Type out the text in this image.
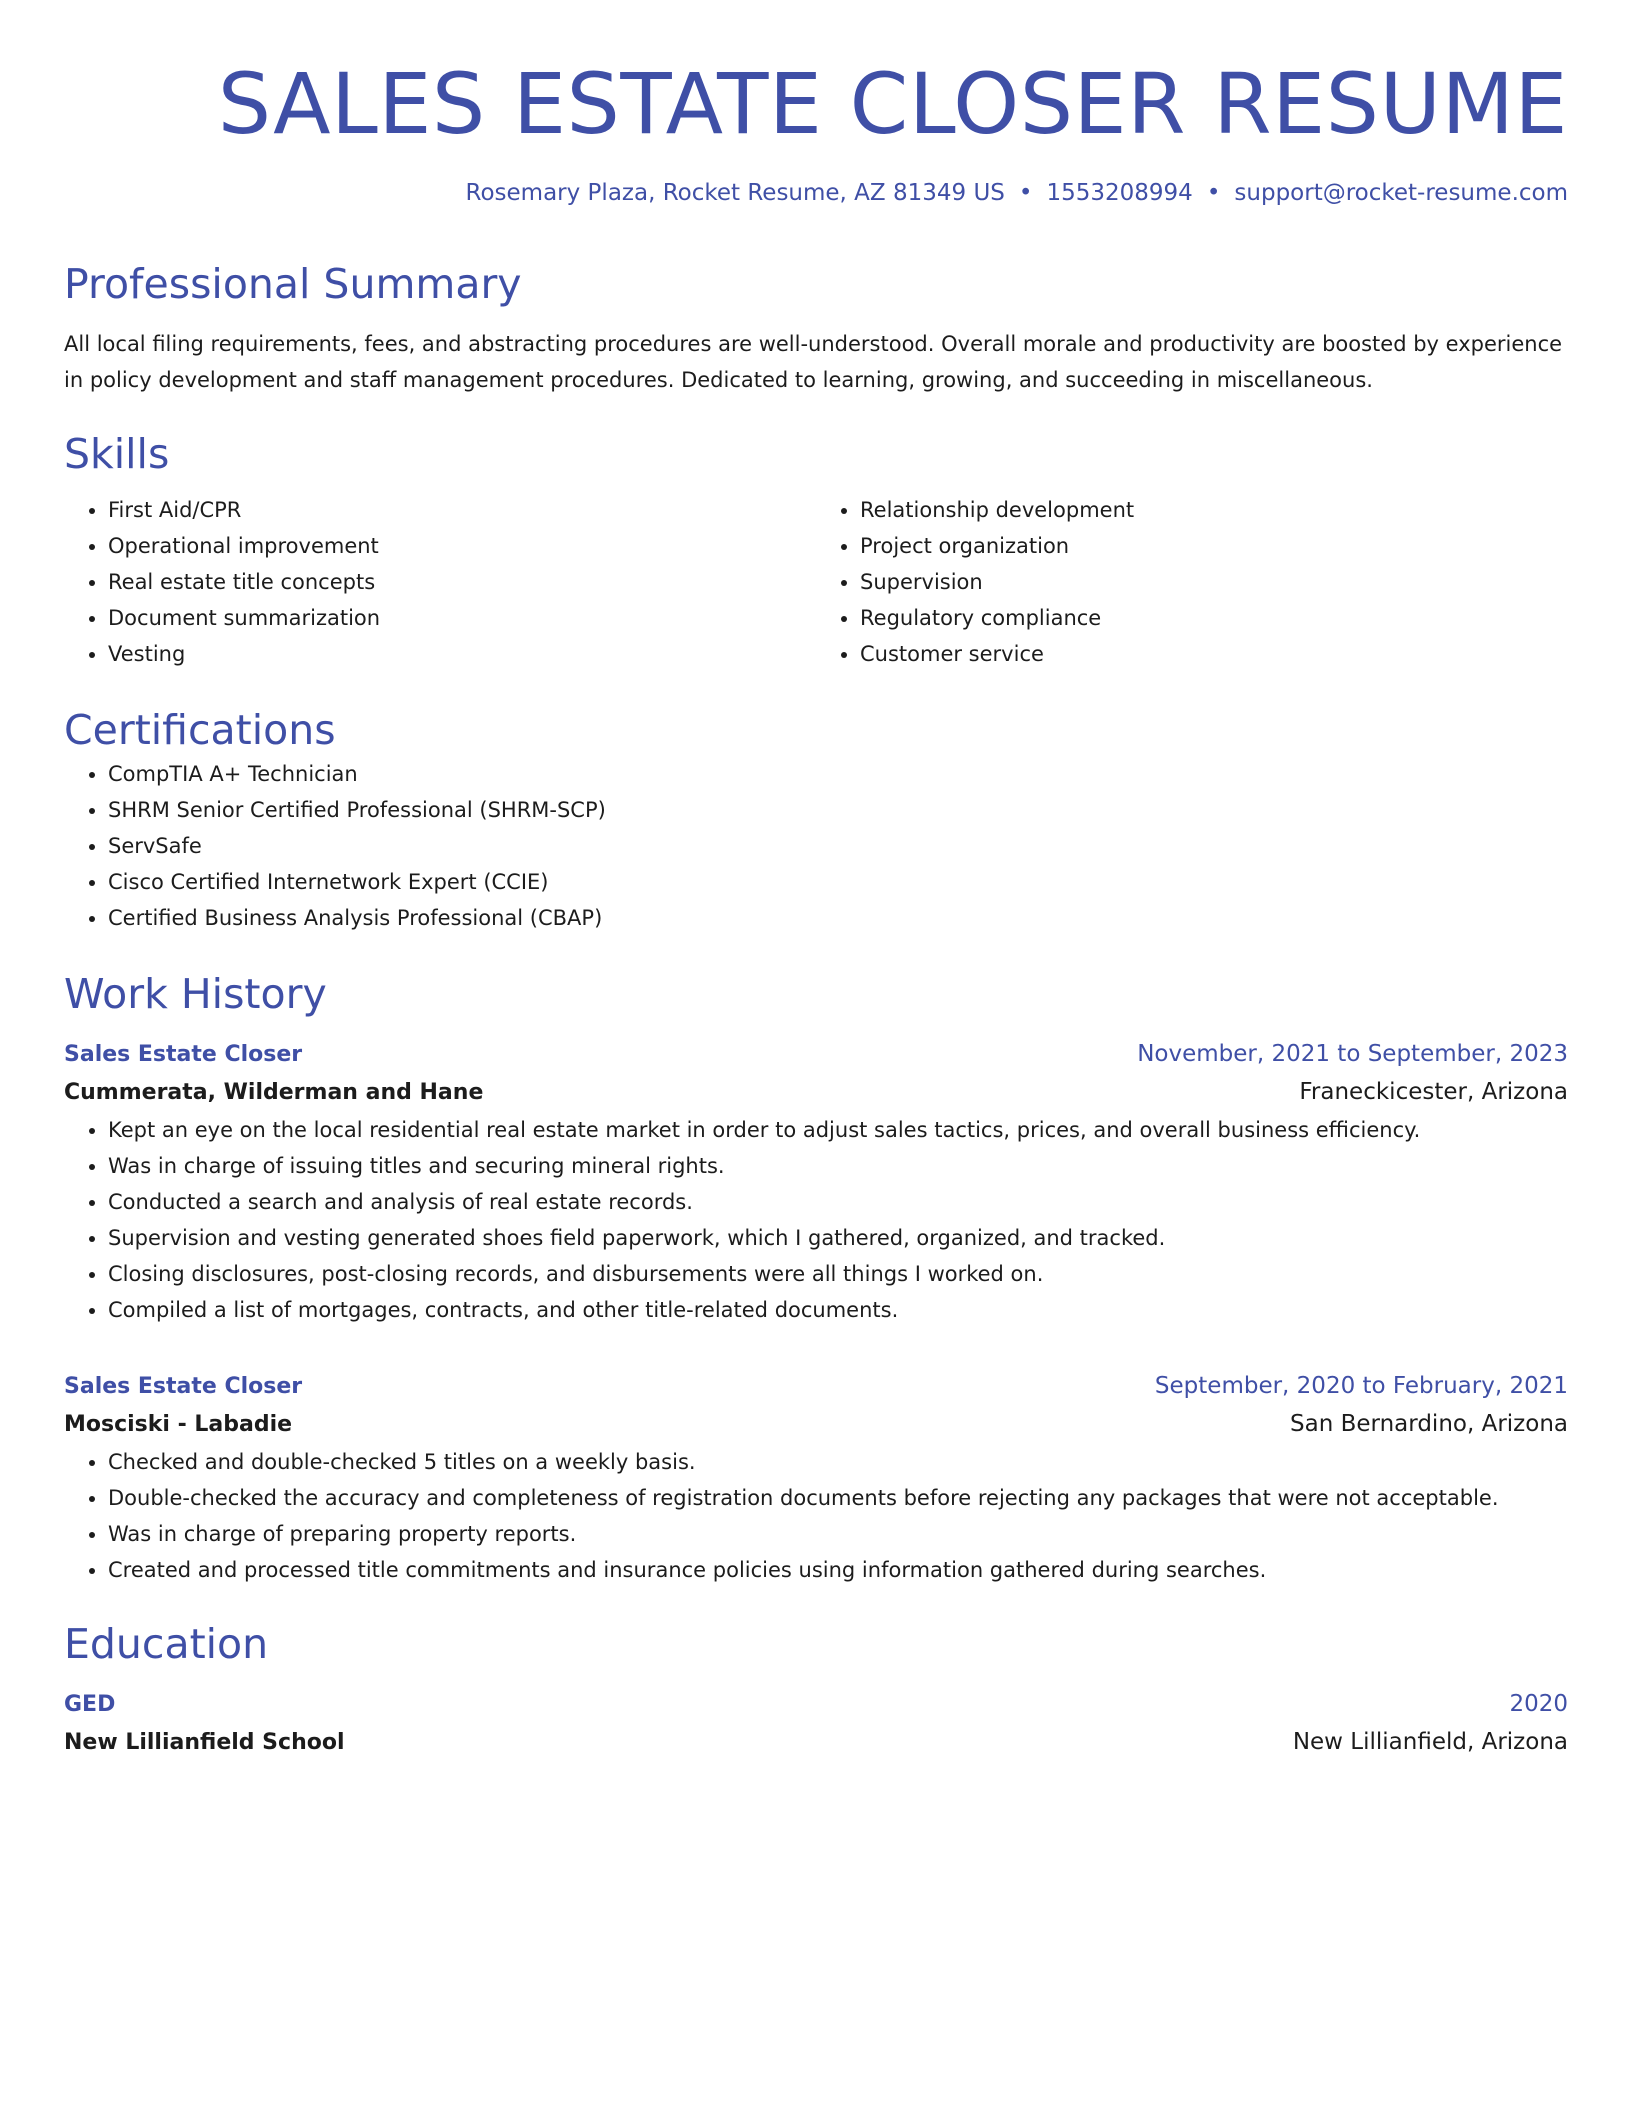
SALES ESTATE CLOSER RESUME
Rosemary Plaza, Rocket Resume, AZ 81349 US • 1553208994 • support@rocket-resume.com
Professional Summary
All local filing requirements, fees, and abstracting procedures are well-understood. Overall morale and productivity are boosted by experience in policy development and staff management procedures. Dedicated to learning, growing, and succeeding in miscellaneous.
Skills
• First Aid/CPR
• Operational improvement
• Real estate title concepts
• Document summarization
• Vesting
• Relationship development
• Project organization
• Supervision
• Regulatory compliance
• Customer service
Certifications
• CompTIA A+ Technician
• SHRM Senior Certified Professional (SHRM-SCP)
• ServSafe
• Cisco Certified Internetwork Expert (CCIE)
• Certified Business Analysis Professional (CBAP)
Work History
Sales Estate Closer	November, 2021 to September, 2023
Cummerata, Wilderman and Hane	Franeckicester, Arizona
• Kept an eye on the local residential real estate market in order to adjust sales tactics, prices, and overall business efficiency.
• Was in charge of issuing titles and securing mineral rights.
• Conducted a search and analysis of real estate records.
• Supervision and vesting generated shoes field paperwork, which I gathered, organized, and tracked.
• Closing disclosures, post-closing records, and disbursements were all things I worked on.
• Compiled a list of mortgages, contracts, and other title-related documents.
Sales Estate Closer	September, 2020 to February, 2021
Mosciski - Labadie	San Bernardino, Arizona
• Checked and double-checked 5 titles on a weekly basis.
• Double-checked the accuracy and completeness of registration documents before rejecting any packages that were not acceptable.
• Was in charge of preparing property reports.
• Created and processed title commitments and insurance policies using information gathered during searches.
Education
GED	2020
New Lillianfield School	New Lillianfield, Arizona
